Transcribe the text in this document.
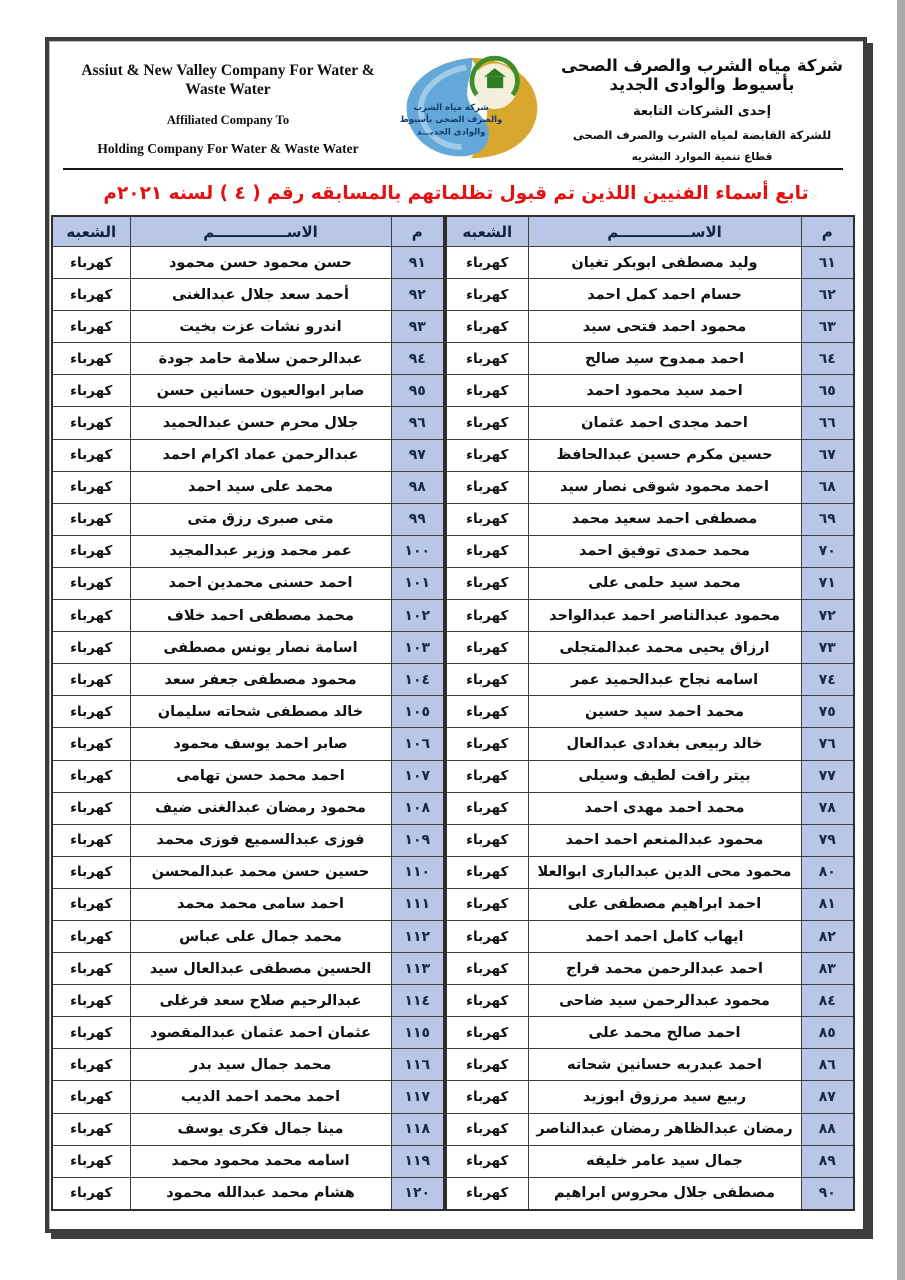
Assiut & New Valley Company For Water & Waste Water
Affiliated Company To
Holding Company For Water & Waste Water
شركة مياه الشرب
والصرف الصحى بأسيوط
والوادى الجديـــد
شركة مياه الشرب والصرف الصحى بأسيوط والوادى الجديد
إحدى الشركات التابعة
للشركة القابضة لمياه الشرب والصرف الصحى
قطاع تنمية الموارد البشريه
تابع أسماء الفنيين اللذين تم قبول تظلماتهم بالمسابقه رقم ( ٤ ) لسنه ٢٠٢١م
م	الاســــــــــــــم	الشعبه
٦١	وليد مصطفى ابوبكر تغيان	كهرباء
٦٢	حسام احمد كمل احمد	كهرباء
٦٣	محمود احمد فتحى سيد	كهرباء
٦٤	احمد ممدوح سيد صالح	كهرباء
٦٥	احمد سيد محمود احمد	كهرباء
٦٦	احمد مجدى احمد عثمان	كهرباء
٦٧	حسين مكرم حسين عبدالحافظ	كهرباء
٦٨	احمد محمود شوقى نصار سيد	كهرباء
٦٩	مصطفى احمد سعيد محمد	كهرباء
٧٠	محمد حمدى توفيق احمد	كهرباء
٧١	محمد سيد حلمى على	كهرباء
٧٢	محمود عبدالناصر احمد عبدالواحد	كهرباء
٧٣	ارزاق يحيى محمد عبدالمتجلى	كهرباء
٧٤	اسامه نجاح عبدالحميد عمر	كهرباء
٧٥	محمد احمد سيد حسين	كهرباء
٧٦	خالد ربيعى بغدادى عبدالعال	كهرباء
٧٧	بيتر رافت لطيف وسيلى	كهرباء
٧٨	محمد احمد مهدى احمد	كهرباء
٧٩	محمود عبدالمنعم احمد احمد	كهرباء
٨٠	محمود محى الدين عبدالبارى ابوالعلا	كهرباء
٨١	احمد ابراهيم مصطفى على	كهرباء
٨٢	ايهاب كامل احمد احمد	كهرباء
٨٣	احمد عبدالرحمن محمد فراج	كهرباء
٨٤	محمود عبدالرحمن سيد ضاحى	كهرباء
٨٥	احمد صالح محمد على	كهرباء
٨٦	احمد عبدربه حسانين شحاته	كهرباء
٨٧	ربيع سيد مرزوق ابوزيد	كهرباء
٨٨	رمضان عبدالظاهر رمضان عبدالناصر	كهرباء
٨٩	جمال سيد عامر خليفه	كهرباء
٩٠	مصطفى جلال محروس ابراهيم	كهرباء
م	الاســــــــــــــم	الشعبه
٩١	حسن محمود حسن محمود	كهرباء
٩٢	أحمد سعد جلال عبدالغنى	كهرباء
٩٣	اندرو نشات عزت بخيت	كهرباء
٩٤	عبدالرحمن سلامة حامد جودة	كهرباء
٩٥	صابر ابوالعيون حسانين حسن	كهرباء
٩٦	جلال محرم حسن عبدالحميد	كهرباء
٩٧	عبدالرحمن عماد اكرام احمد	كهرباء
٩٨	محمد على سيد احمد	كهرباء
٩٩	متى صبرى رزق متى	كهرباء
١٠٠	عمر محمد وزير عبدالمجيد	كهرباء
١٠١	احمد حسنى محمدين احمد	كهرباء
١٠٢	محمد مصطفى احمد خلاف	كهرباء
١٠٣	اسامة نصار يونس مصطفى	كهرباء
١٠٤	محمود مصطفى جعفر سعد	كهرباء
١٠٥	خالد مصطفى شحاته سليمان	كهرباء
١٠٦	صابر احمد يوسف محمود	كهرباء
١٠٧	احمد محمد حسن تهامى	كهرباء
١٠٨	محمود رمضان عبدالغنى ضيف	كهرباء
١٠٩	فوزى عبدالسميع فوزى محمد	كهرباء
١١٠	حسين حسن محمد عبدالمحسن	كهرباء
١١١	احمد سامى محمد محمد	كهرباء
١١٢	محمد جمال على عباس	كهرباء
١١٣	الحسين مصطفى عبدالعال سيد	كهرباء
١١٤	عبدالرحيم صلاح سعد فرغلى	كهرباء
١١٥	عثمان احمد عثمان عبدالمقصود	كهرباء
١١٦	محمد جمال سيد بدر	كهرباء
١١٧	احمد محمد احمد الديب	كهرباء
١١٨	مينا جمال فكرى يوسف	كهرباء
١١٩	اسامه محمد محمود محمد	كهرباء
١٢٠	هشام محمد عبدالله محمود	كهرباء
